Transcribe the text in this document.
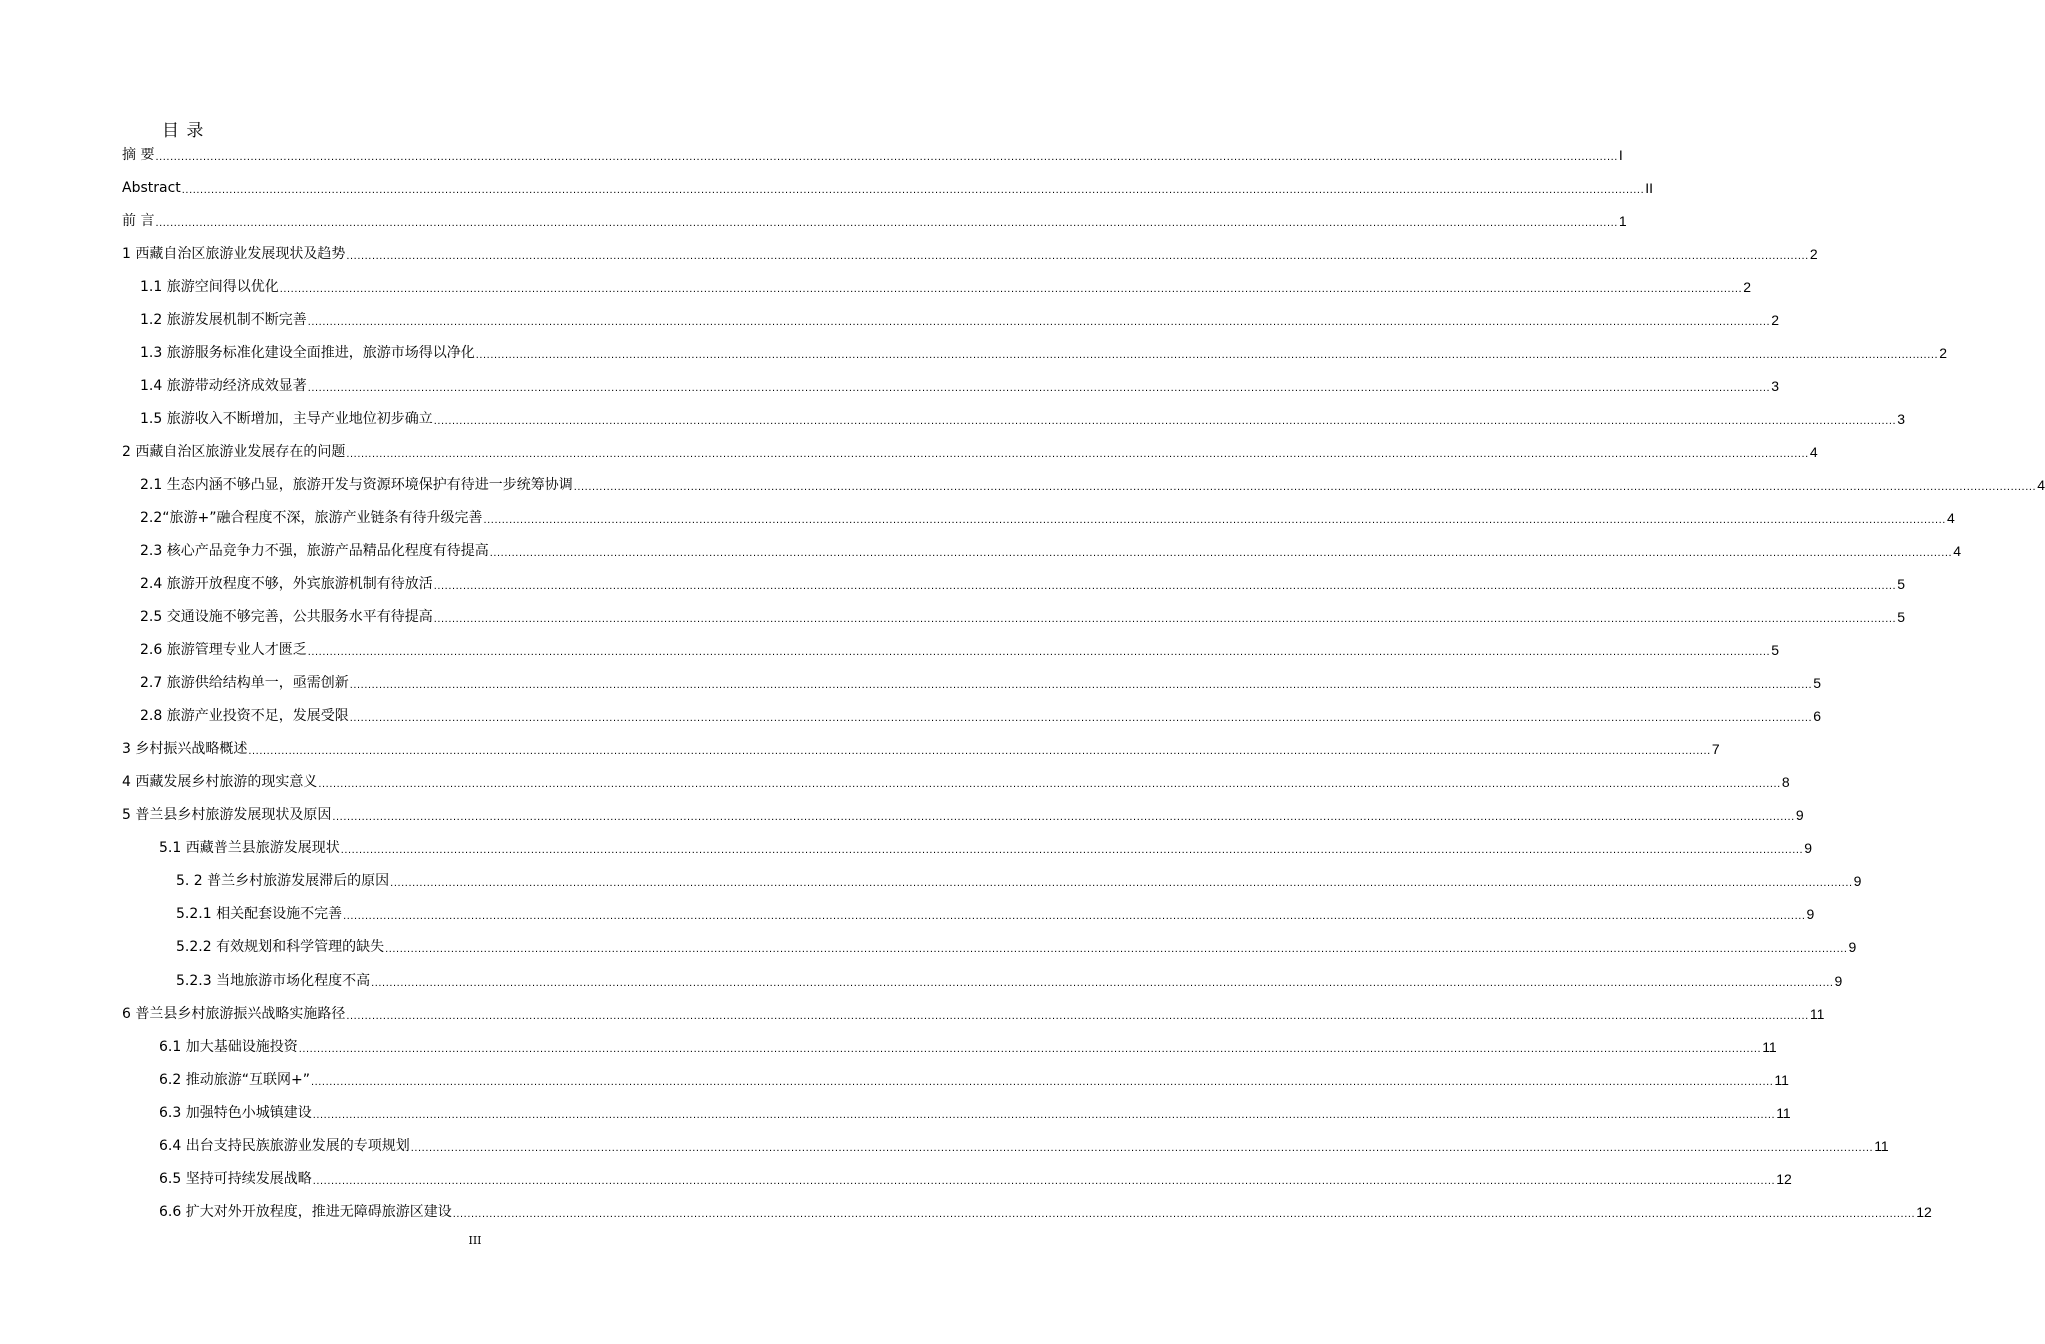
目 录
摘 要 ................................................................................................................................................................................................................................................................................................................................................................................................................ I
Abstract ................................................................................................................................................................................................................................................................................................................................................................................................................ II
前 言 ................................................................................................................................................................................................................................................................................................................................................................................................................ 1
1 西藏自治区旅游业发展现状及趋势 ................................................................................................................................................................................................................................................................................................................................................................................................................ 2
1.1 旅游空间得以优化 ................................................................................................................................................................................................................................................................................................................................................................................................................ 2
1.2 旅游发展机制不断完善 ................................................................................................................................................................................................................................................................................................................................................................................................................ 2
1.3 旅游服务标准化建设全面推进，旅游市场得以净化 ................................................................................................................................................................................................................................................................................................................................................................................................................ 2
1.4 旅游带动经济成效显著 ................................................................................................................................................................................................................................................................................................................................................................................................................ 3
1.5 旅游收入不断增加，主导产业地位初步确立 ................................................................................................................................................................................................................................................................................................................................................................................................................ 3
2 西藏自治区旅游业发展存在的问题 ................................................................................................................................................................................................................................................................................................................................................................................................................ 4
2.1 生态内涵不够凸显，旅游开发与资源环境保护有待进一步统筹协调 ................................................................................................................................................................................................................................................................................................................................................................................................................ 4
2.2“旅游+”融合程度不深，旅游产业链条有待升级完善 ................................................................................................................................................................................................................................................................................................................................................................................................................ 4
2.3 核心产品竞争力不强，旅游产品精品化程度有待提高 ................................................................................................................................................................................................................................................................................................................................................................................................................ 4
2.4 旅游开放程度不够，外宾旅游机制有待放活 ................................................................................................................................................................................................................................................................................................................................................................................................................ 5
2.5 交通设施不够完善，公共服务水平有待提高 ................................................................................................................................................................................................................................................................................................................................................................................................................ 5
2.6 旅游管理专业人才匮乏 ................................................................................................................................................................................................................................................................................................................................................................................................................ 5
2.7 旅游供给结构单一，亟需创新 ................................................................................................................................................................................................................................................................................................................................................................................................................ 5
2.8 旅游产业投资不足，发展受限 ................................................................................................................................................................................................................................................................................................................................................................................................................ 6
3 乡村振兴战略概述 ................................................................................................................................................................................................................................................................................................................................................................................................................ 7
4 西藏发展乡村旅游的现实意义 ................................................................................................................................................................................................................................................................................................................................................................................................................ 8
5 普兰县乡村旅游发展现状及原因 ................................................................................................................................................................................................................................................................................................................................................................................................................ 9
5.1 西藏普兰县旅游发展现状 ................................................................................................................................................................................................................................................................................................................................................................................................................ 9
5. 2 普兰乡村旅游发展滞后的原因 ................................................................................................................................................................................................................................................................................................................................................................................................................ 9
5.2.1 相关配套设施不完善 ................................................................................................................................................................................................................................................................................................................................................................................................................ 9
5.2.2 有效规划和科学管理的缺失 ................................................................................................................................................................................................................................................................................................................................................................................................................ 9
5.2.3 当地旅游市场化程度不高 ................................................................................................................................................................................................................................................................................................................................................................................................................ 9
6 普兰县乡村旅游振兴战略实施路径 ................................................................................................................................................................................................................................................................................................................................................................................................................ 11
6.1 加大基础设施投资 ................................................................................................................................................................................................................................................................................................................................................................................................................ 11
6.2 推动旅游“互联网+” ................................................................................................................................................................................................................................................................................................................................................................................................................ 11
6.3 加强特色小城镇建设 ................................................................................................................................................................................................................................................................................................................................................................................................................ 11
6.4 出台支持民族旅游业发展的专项规划 ................................................................................................................................................................................................................................................................................................................................................................................................................ 11
6.5 坚持可持续发展战略 ................................................................................................................................................................................................................................................................................................................................................................................................................ 12
6.6 扩大对外开放程度，推进无障碍旅游区建设 ................................................................................................................................................................................................................................................................................................................................................................................................................ 12
III
